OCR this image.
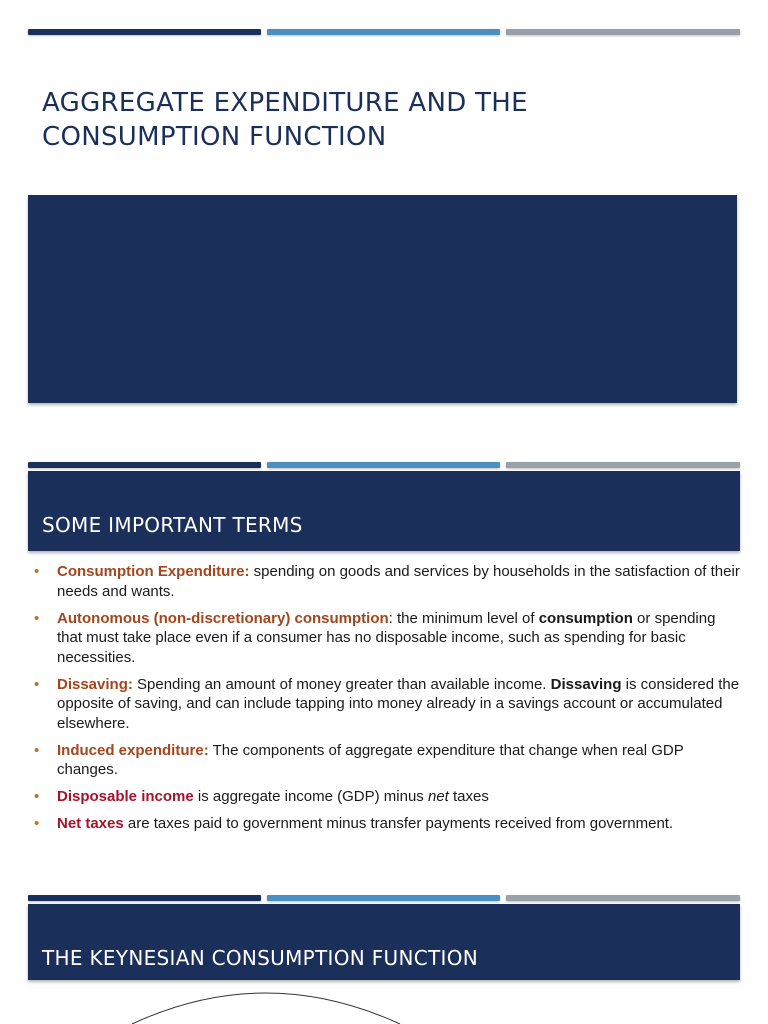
AGGREGATE EXPENDITURE AND THE
CONSUMPTION FUNCTION
SOME IMPORTANT TERMS
• Consumption Expenditure: spending on goods and services by households in the satisfaction of their needs and wants.
• Autonomous (non-discretionary) consumption: the minimum level of consumption or spending that must take place even if a consumer has no disposable income, such as spending for basic necessities.
• Dissaving: Spending an amount of money greater than available income. Dissaving is considered the opposite of saving, and can include tapping into money already in a savings account or accumulated elsewhere.
• Induced expenditure: The components of aggregate expenditure that change when real GDP changes.
• Disposable income is aggregate income (GDP) minus net taxes
• Net taxes are taxes paid to government minus transfer payments received from government.
THE KEYNESIAN CONSUMPTION FUNCTION
